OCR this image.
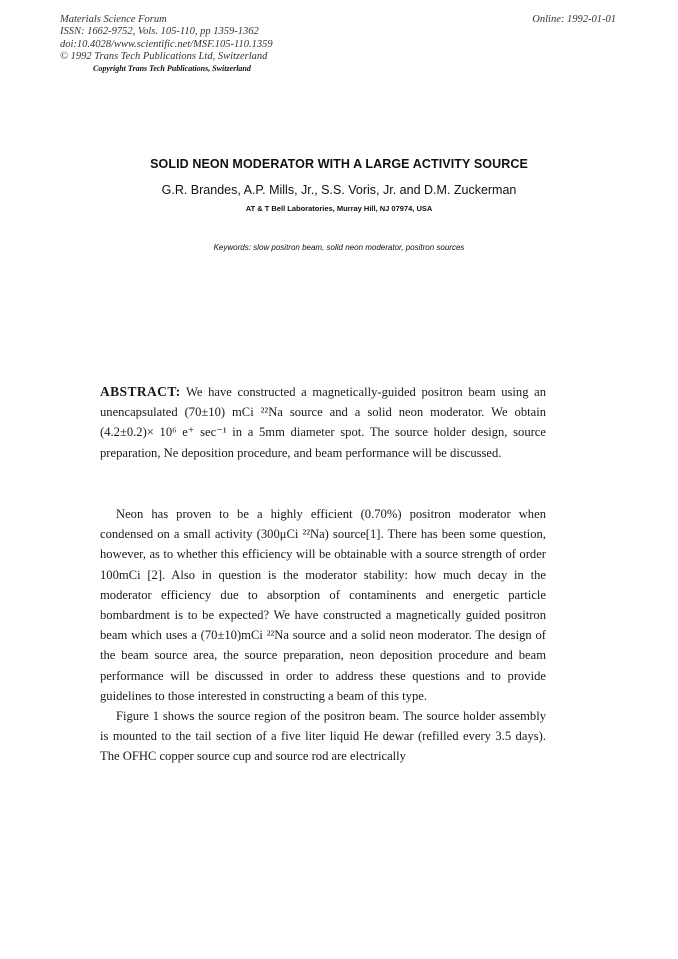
Materials Science Forum
ISSN: 1662-9752, Vols. 105-110, pp 1359-1362
doi:10.4028/www.scientific.net/MSF.105-110.1359
© 1992 Trans Tech Publications Ltd, Switzerland
Online: 1992-01-01
Copyright Trans Tech Publications, Switzerland
SOLID NEON MODERATOR WITH A LARGE ACTIVITY SOURCE
G.R. Brandes, A.P. Mills, Jr., S.S. Voris, Jr. and D.M. Zuckerman
AT & T Bell Laboratories, Murray Hill, NJ 07974, USA
Keywords: slow positron beam, solid neon moderator, positron sources
ABSTRACT: We have constructed a magnetically-guided positron beam using an unencapsulated (70±10) mCi ²²Na source and a solid neon moderator. We obtain (4.2±0.2)× 10⁶ e⁺ sec⁻¹ in a 5mm diameter spot. The source holder design, source preparation, Ne deposition procedure, and beam performance will be discussed.

Neon has proven to be a highly efficient (0.70%) positron moderator when condensed on a small activity (300μCi ²²Na) source[1]. There has been some question, however, as to whether this efficiency will be obtainable with a source strength of order 100mCi [2]. Also in question is the moderator stability: how much decay in the moderator efficiency due to absorption of contaminents and energetic particle bombardment is to be expected? We have constructed a magnetically guided positron beam which uses a (70±10)mCi ²²Na source and a solid neon moderator. The design of the beam source area, the source preparation, neon deposition procedure and beam performance will be discussed in order to address these questions and to provide guidelines to those interested in constructing a beam of this type.

Figure 1 shows the source region of the positron beam. The source holder assembly is mounted to the tail section of a five liter liquid He dewar (refilled every 3.5 days). The OFHC copper source cup and source rod are electrically
